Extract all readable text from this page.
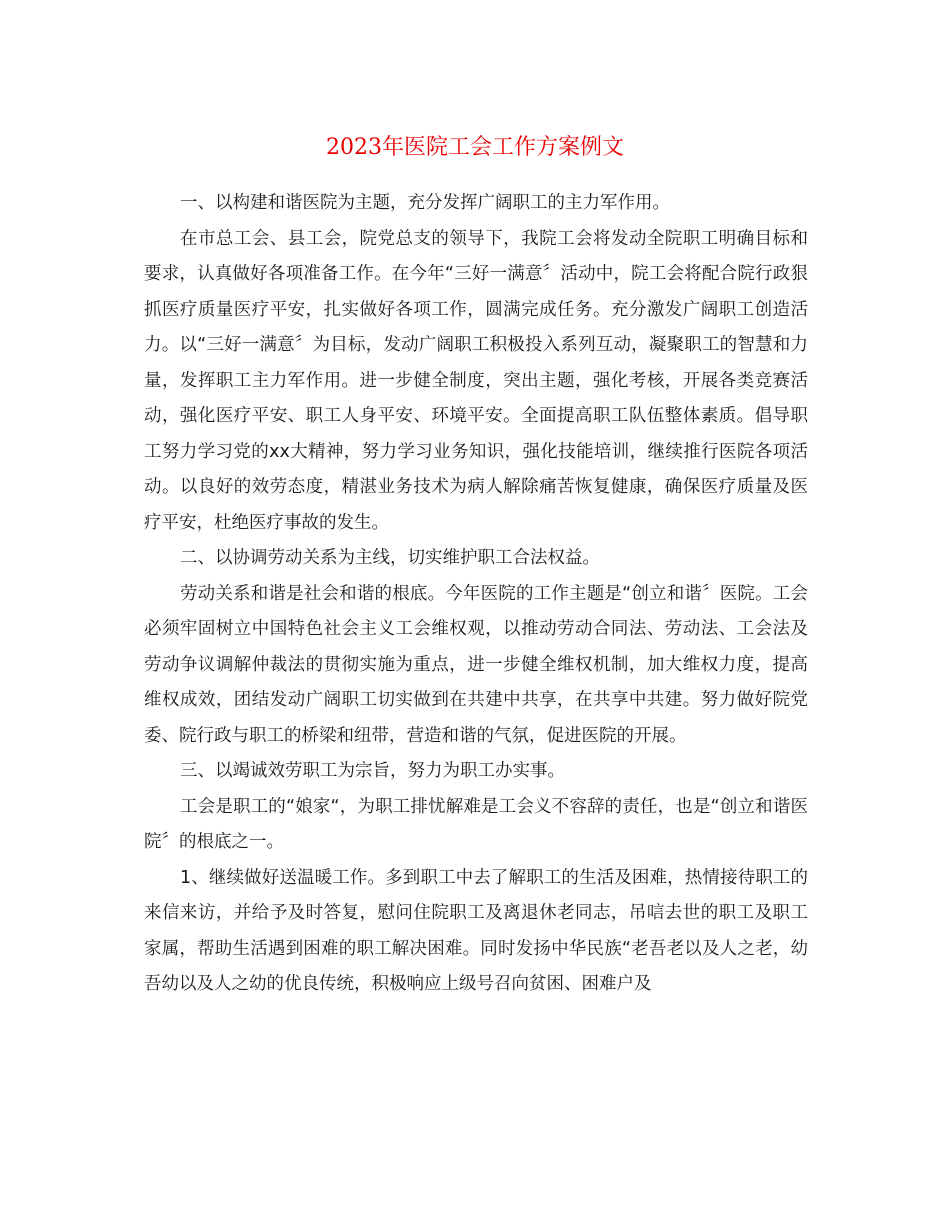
2023年医院工会工作方案例文

一、以构建和谐医院为主题，充分发挥广阔职工的主力军作用。

在市总工会、县工会，院党总支的领导下，我院工会将发动全院职工明确目标和要求，认真做好各项准备工作。在今年“三好一满意〞活动中，院工会将配合院行政狠抓医疗质量医疗平安，扎实做好各项工作，圆满完成任务。充分激发广阔职工创造活力。以“三好一满意〞为目标，发动广阔职工积极投入系列互动，凝聚职工的智慧和力量，发挥职工主力军作用。进一步健全制度，突出主题，强化考核，开展各类竞赛活动，强化医疗平安、职工人身平安、环境平安。全面提高职工队伍整体素质。倡导职工努力学习党的xx大精神，努力学习业务知识，强化技能培训，继续推行医院各项活动。以良好的效劳态度，精湛业务技术为病人解除痛苦恢复健康，确保医疗质量及医疗平安，杜绝医疗事故的发生。

二、以协调劳动关系为主线，切实维护职工合法权益。

劳动关系和谐是社会和谐的根底。今年医院的工作主题是“创立和谐〞医院。工会必须牢固树立中国特色社会主义工会维权观，以推动劳动合同法、劳动法、工会法及劳动争议调解仲裁法的贯彻实施为重点，进一步健全维权机制，加大维权力度，提高维权成效，团结发动广阔职工切实做到在共建中共享，在共享中共建。努力做好院党委、院行政与职工的桥梁和纽带，营造和谐的气氛，促进医院的开展。

三、以竭诚效劳职工为宗旨，努力为职工办实事。

工会是职工的“娘家“，为职工排忧解难是工会义不容辞的责任，也是“创立和谐医院〞的根底之一。

1、继续做好送温暖工作。多到职工中去了解职工的生活及困难，热情接待职工的来信来访，并给予及时答复，慰问住院职工及离退休老同志，吊唁去世的职工及职工家属，帮助生活遇到困难的职工解决困难。同时发扬中华民族“老吾老以及人之老，幼吾幼以及人之幼的优良传统，积极响应上级号召向贫困、困难户及
